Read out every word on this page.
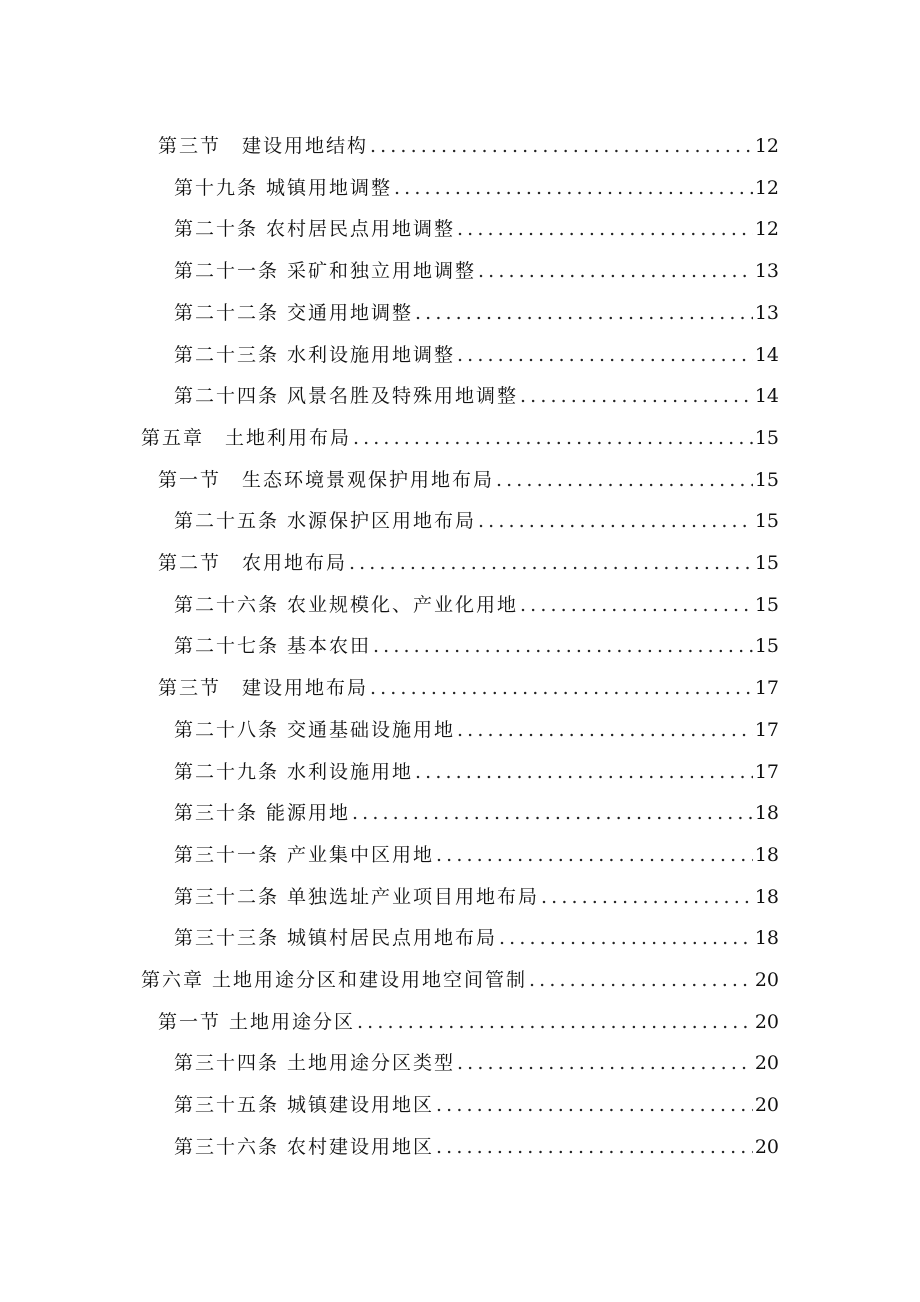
第三节　建设用地结构 .....	12
第十九条 城镇用地调整 .....	12
第二十条 农村居民点用地调整 .....	12
第二十一条 采矿和独立用地调整 .....	13
第二十二条 交通用地调整 .....	13
第二十三条 水利设施用地调整 .....	14
第二十四条 风景名胜及特殊用地调整 .....	14
第五章　土地利用布局 .....	15
第一节　生态环境景观保护用地布局 .....	15
第二十五条 水源保护区用地布局 .....	15
第二节　农用地布局 .....	15
第二十六条 农业规模化、产业化用地 .....	15
第二十七条 基本农田 .....	15
第三节　建设用地布局 .....	17
第二十八条 交通基础设施用地 .....	17
第二十九条 水利设施用地 .....	17
第三十条 能源用地 .....	18
第三十一条 产业集中区用地 .....	18
第三十二条 单独选址产业项目用地布局 .....	18
第三十三条 城镇村居民点用地布局 .....	18
第六章 土地用途分区和建设用地空间管制 .....	20
第一节 土地用途分区 .....	20
第三十四条 土地用途分区类型 .....	20
第三十五条 城镇建设用地区 .....	20
第三十六条 农村建设用地区 .....	20
